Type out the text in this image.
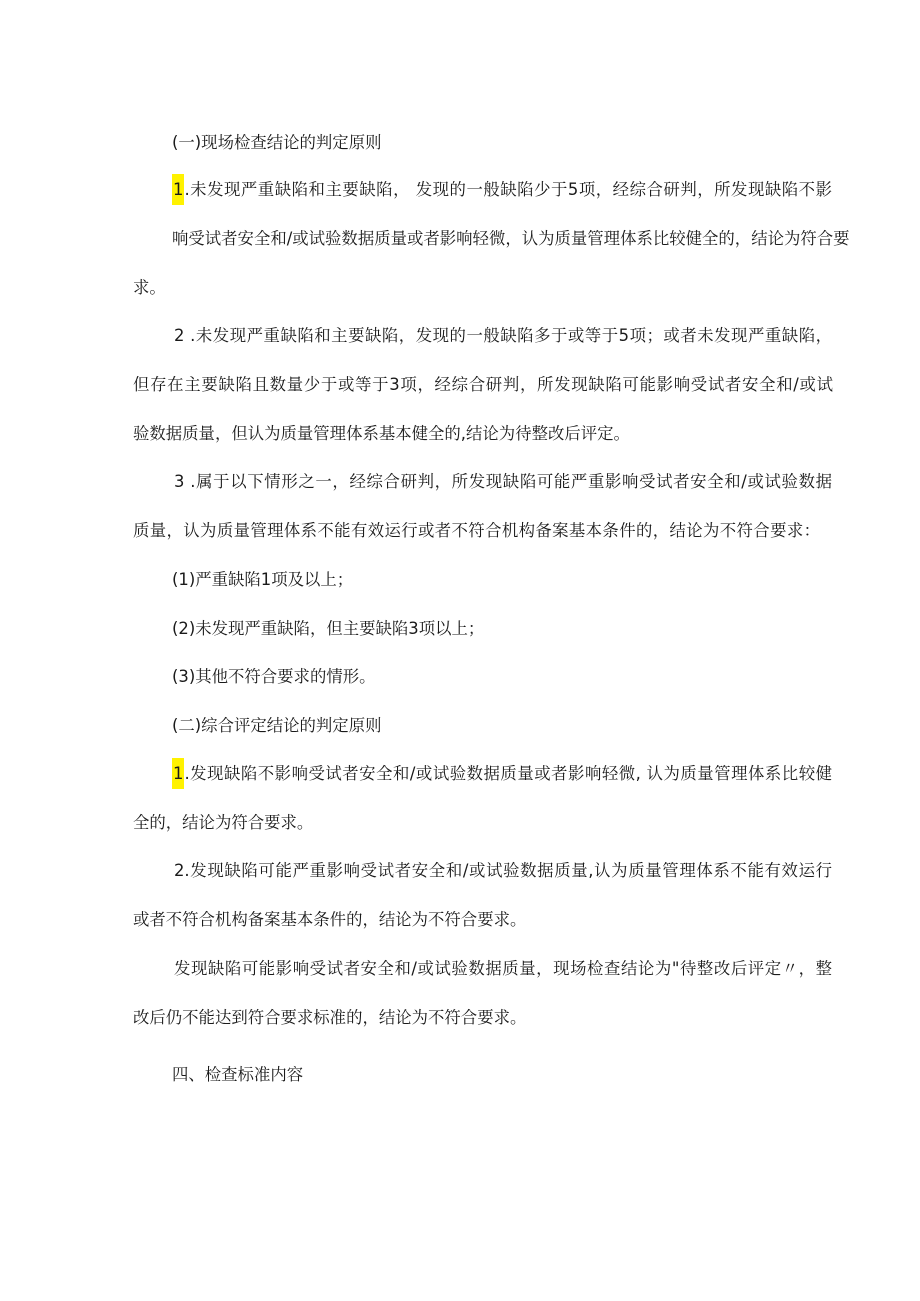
(一)现场检查结论的判定原则
1.未发现严重缺陷和主要缺陷， 发现的一般缺陷少于5项，经综合研判，所发现缺陷不影
响受试者安全和/或试验数据质量或者影响轻微，认为质量管理体系比较健全的，结论为符合要
求。
2 .未发现严重缺陷和主要缺陷，发现的一般缺陷多于或等于5项；或者未发现严重缺陷，
但存在主要缺陷且数量少于或等于3项，经综合研判，所发现缺陷可能影响受试者安全和/或试
验数据质量，但认为质量管理体系基本健全的,结论为待整改后评定。
3 .属于以下情形之一，经综合研判，所发现缺陷可能严重影响受试者安全和/或试验数据
质量，认为质量管理体系不能有效运行或者不符合机构备案基本条件的，结论为不符合要求：
(1)严重缺陷1项及以上；
(2)未发现严重缺陷，但主要缺陷3项以上；
(3)其他不符合要求的情形。
(二)综合评定结论的判定原则
1.发现缺陷不影响受试者安全和/或试验数据质量或者影响轻微, 认为质量管理体系比较健
全的，结论为符合要求。
2.发现缺陷可能严重影响受试者安全和/或试验数据质量,认为质量管理体系不能有效运行
或者不符合机构备案基本条件的，结论为不符合要求。
发现缺陷可能影响受试者安全和/或试验数据质量，现场检查结论为"待整改后评定〃，整
改后仍不能达到符合要求标准的，结论为不符合要求。
四、检查标准内容
